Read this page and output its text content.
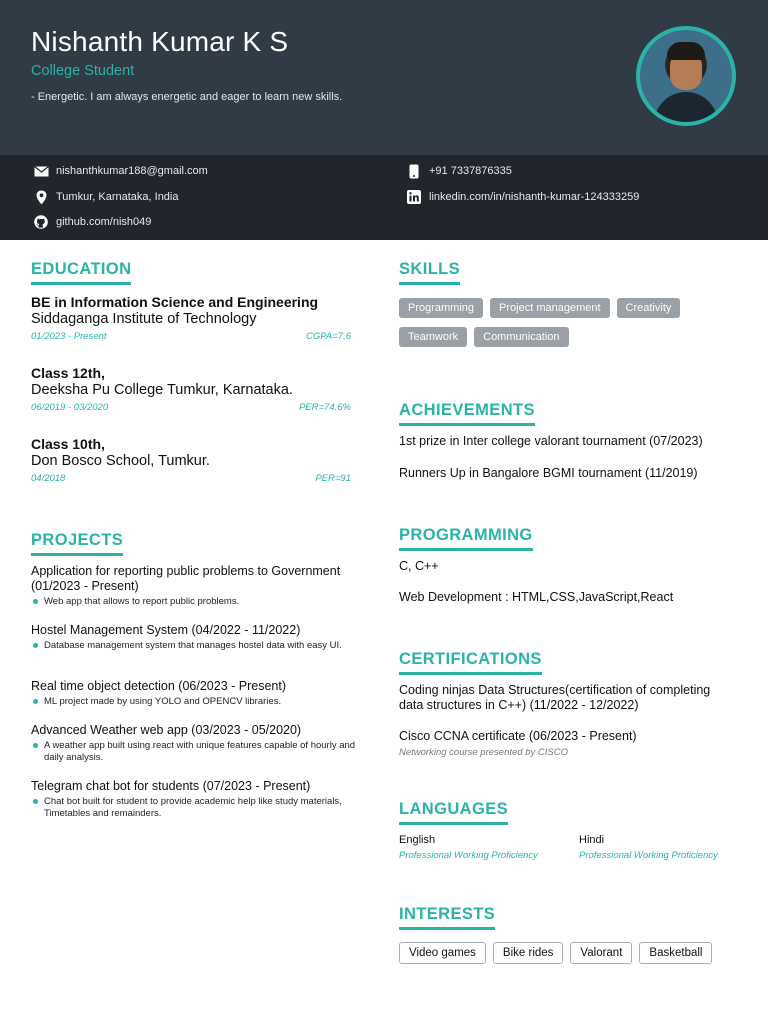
Nishanth Kumar K S
College Student
- Energetic. I am always energetic and eager to learn new skills.
nishanthkumar188@gmail.com	+91 7337876335
Tumkur, Karnataka, India	linkedin.com/in/nishanth-kumar-124333259
github.com/nish049
EDUCATION
BE in Information Science and Engineering
Siddaganga Institute of Technology
01/2023 - Present	CGPA=7.6
Class 12th,
Deeksha Pu College Tumkur, Karnataka.
06/2019 - 03/2020	PER=74.6%
Class 10th,
Don Bosco School, Tumkur.
04/2018	PER=91
PROJECTS
Application for reporting public problems to Government (01/2023 - Present)
Web app that allows to report public problems.
Hostel Management System (04/2022 - 11/2022)
Database management system that manages hostel data with easy UI.
Real time object detection (06/2023 - Present)
ML project made by using YOLO and OPENCV libraries.
Advanced Weather web app (03/2023 - 05/2020)
A weather app built using react with unique features capable of hourly and daily analysis.
Telegram chat bot for students (07/2023 - Present)
Chat bot built for student to provide academic help like study materials, Timetables and remainders.
SKILLS
Programming	Project management	Creativity
Teamwork	Communication
ACHIEVEMENTS
1st prize in Inter college valorant tournament (07/2023)
Runners Up in Bangalore BGMI tournament (11/2019)
PROGRAMMING
C, C++
Web Development : HTML,CSS,JavaScript,React
CERTIFICATIONS
Coding ninjas Data Structures(certification of completing data structures in C++) (11/2022 - 12/2022)
Cisco CCNA certificate (06/2023 - Present)
Networking course presented by CISCO
LANGUAGES
English
Professional Working Proficiency
Hindi
Professional Working Proficiency
INTERESTS
Video games	Bike rides	Valorant	Basketball
